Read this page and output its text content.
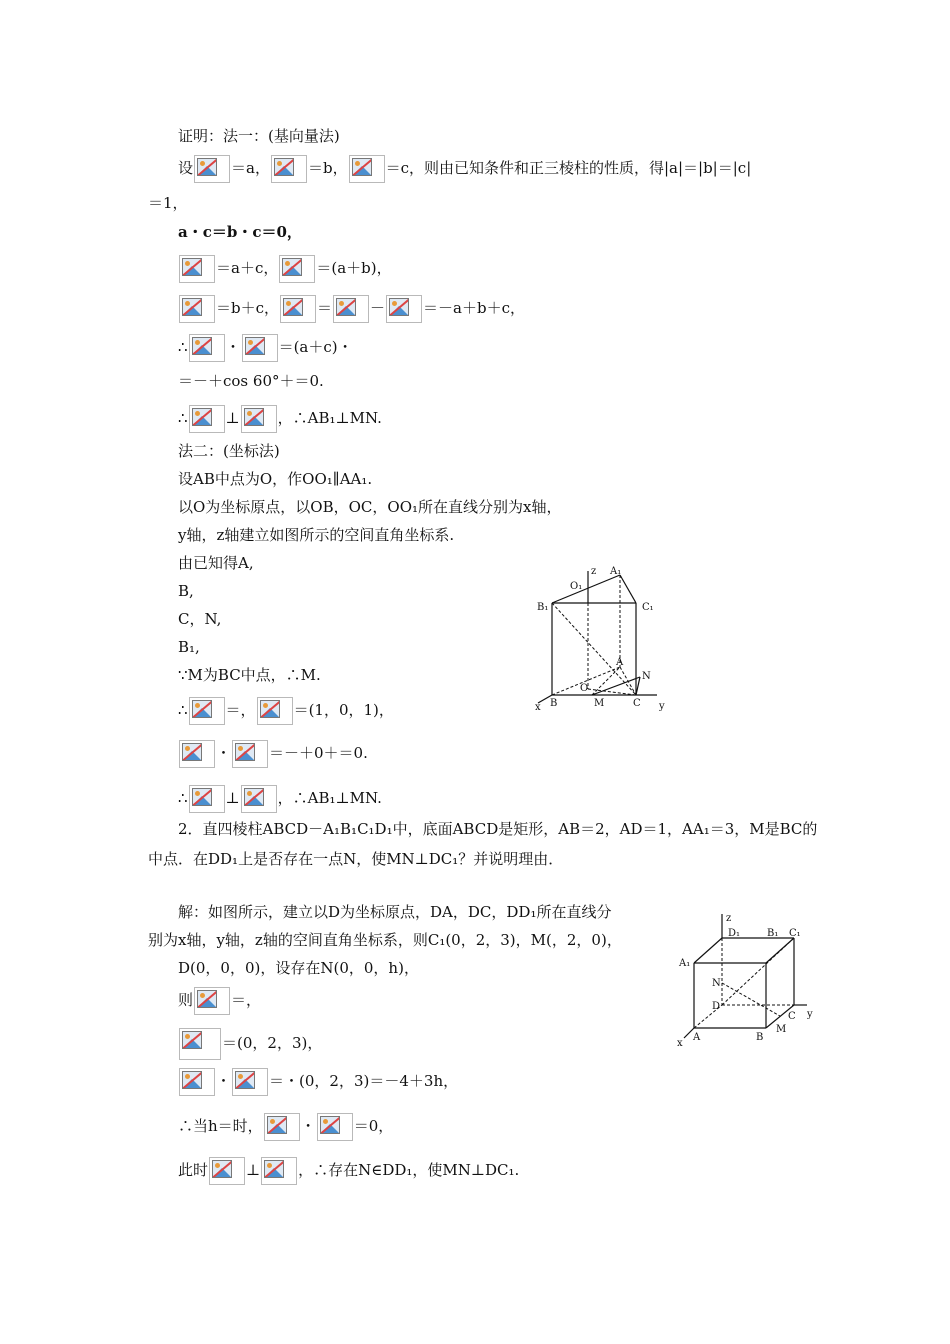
证明：法一：(基向量法)
设	＝a，	＝b，	＝c，则由已知条件和正三棱柱的性质，得|a|＝|b|＝|c|
＝1，
a・c＝b・c＝0，
＝a＋c，	＝(a＋b)，
＝b＋c，	＝	－	＝－a＋b＋c，
∴	・	＝(a＋c)・
＝－＋cos 60°＋＝0.
∴	⊥	，∴AB₁⊥MN.
法二：(坐标法)
设AB中点为O，作OO₁∥AA₁.
以O为坐标原点，以OB，OC，OO₁所在直线分别为x轴，
y轴，z轴建立如图所示的空间直角坐标系.
由已知得A,
B,
C，N,
B₁,
∵M为BC中点，∴M.
∴	＝，	＝(1，0，1)，
・	＝－＋0＋＝0.
∴	⊥	，∴AB₁⊥MN.
z A₁
O₁
B₁	C₁
A
N
O
x B	M	C y
2．直四棱柱ABCD－A₁B₁C₁D₁中，底面ABCD是矩形，AB＝2，AD＝1，AA₁＝3，M是BC的
中点．在DD₁上是否存在一点N，使MN⊥DC₁？并说明理由．
解：如图所示，建立以D为坐标原点，DA，DC，DD₁所在直线分
别为x轴，y轴，z轴的空间直角坐标系，则C₁(0，2，3)，M(，2，0)，
D(0，0，0)，设存在N(0，0，h)，
则	＝，
＝(0，2，3)，
・	＝・(0，2，3)＝－4＋3h，
∴当h＝时，	・	＝0，
此时	⊥	，∴存在N∈DD₁，使MN⊥DC₁.
z
D₁	B₁ C₁
A₁
N
D
x
A	B
M
C y
